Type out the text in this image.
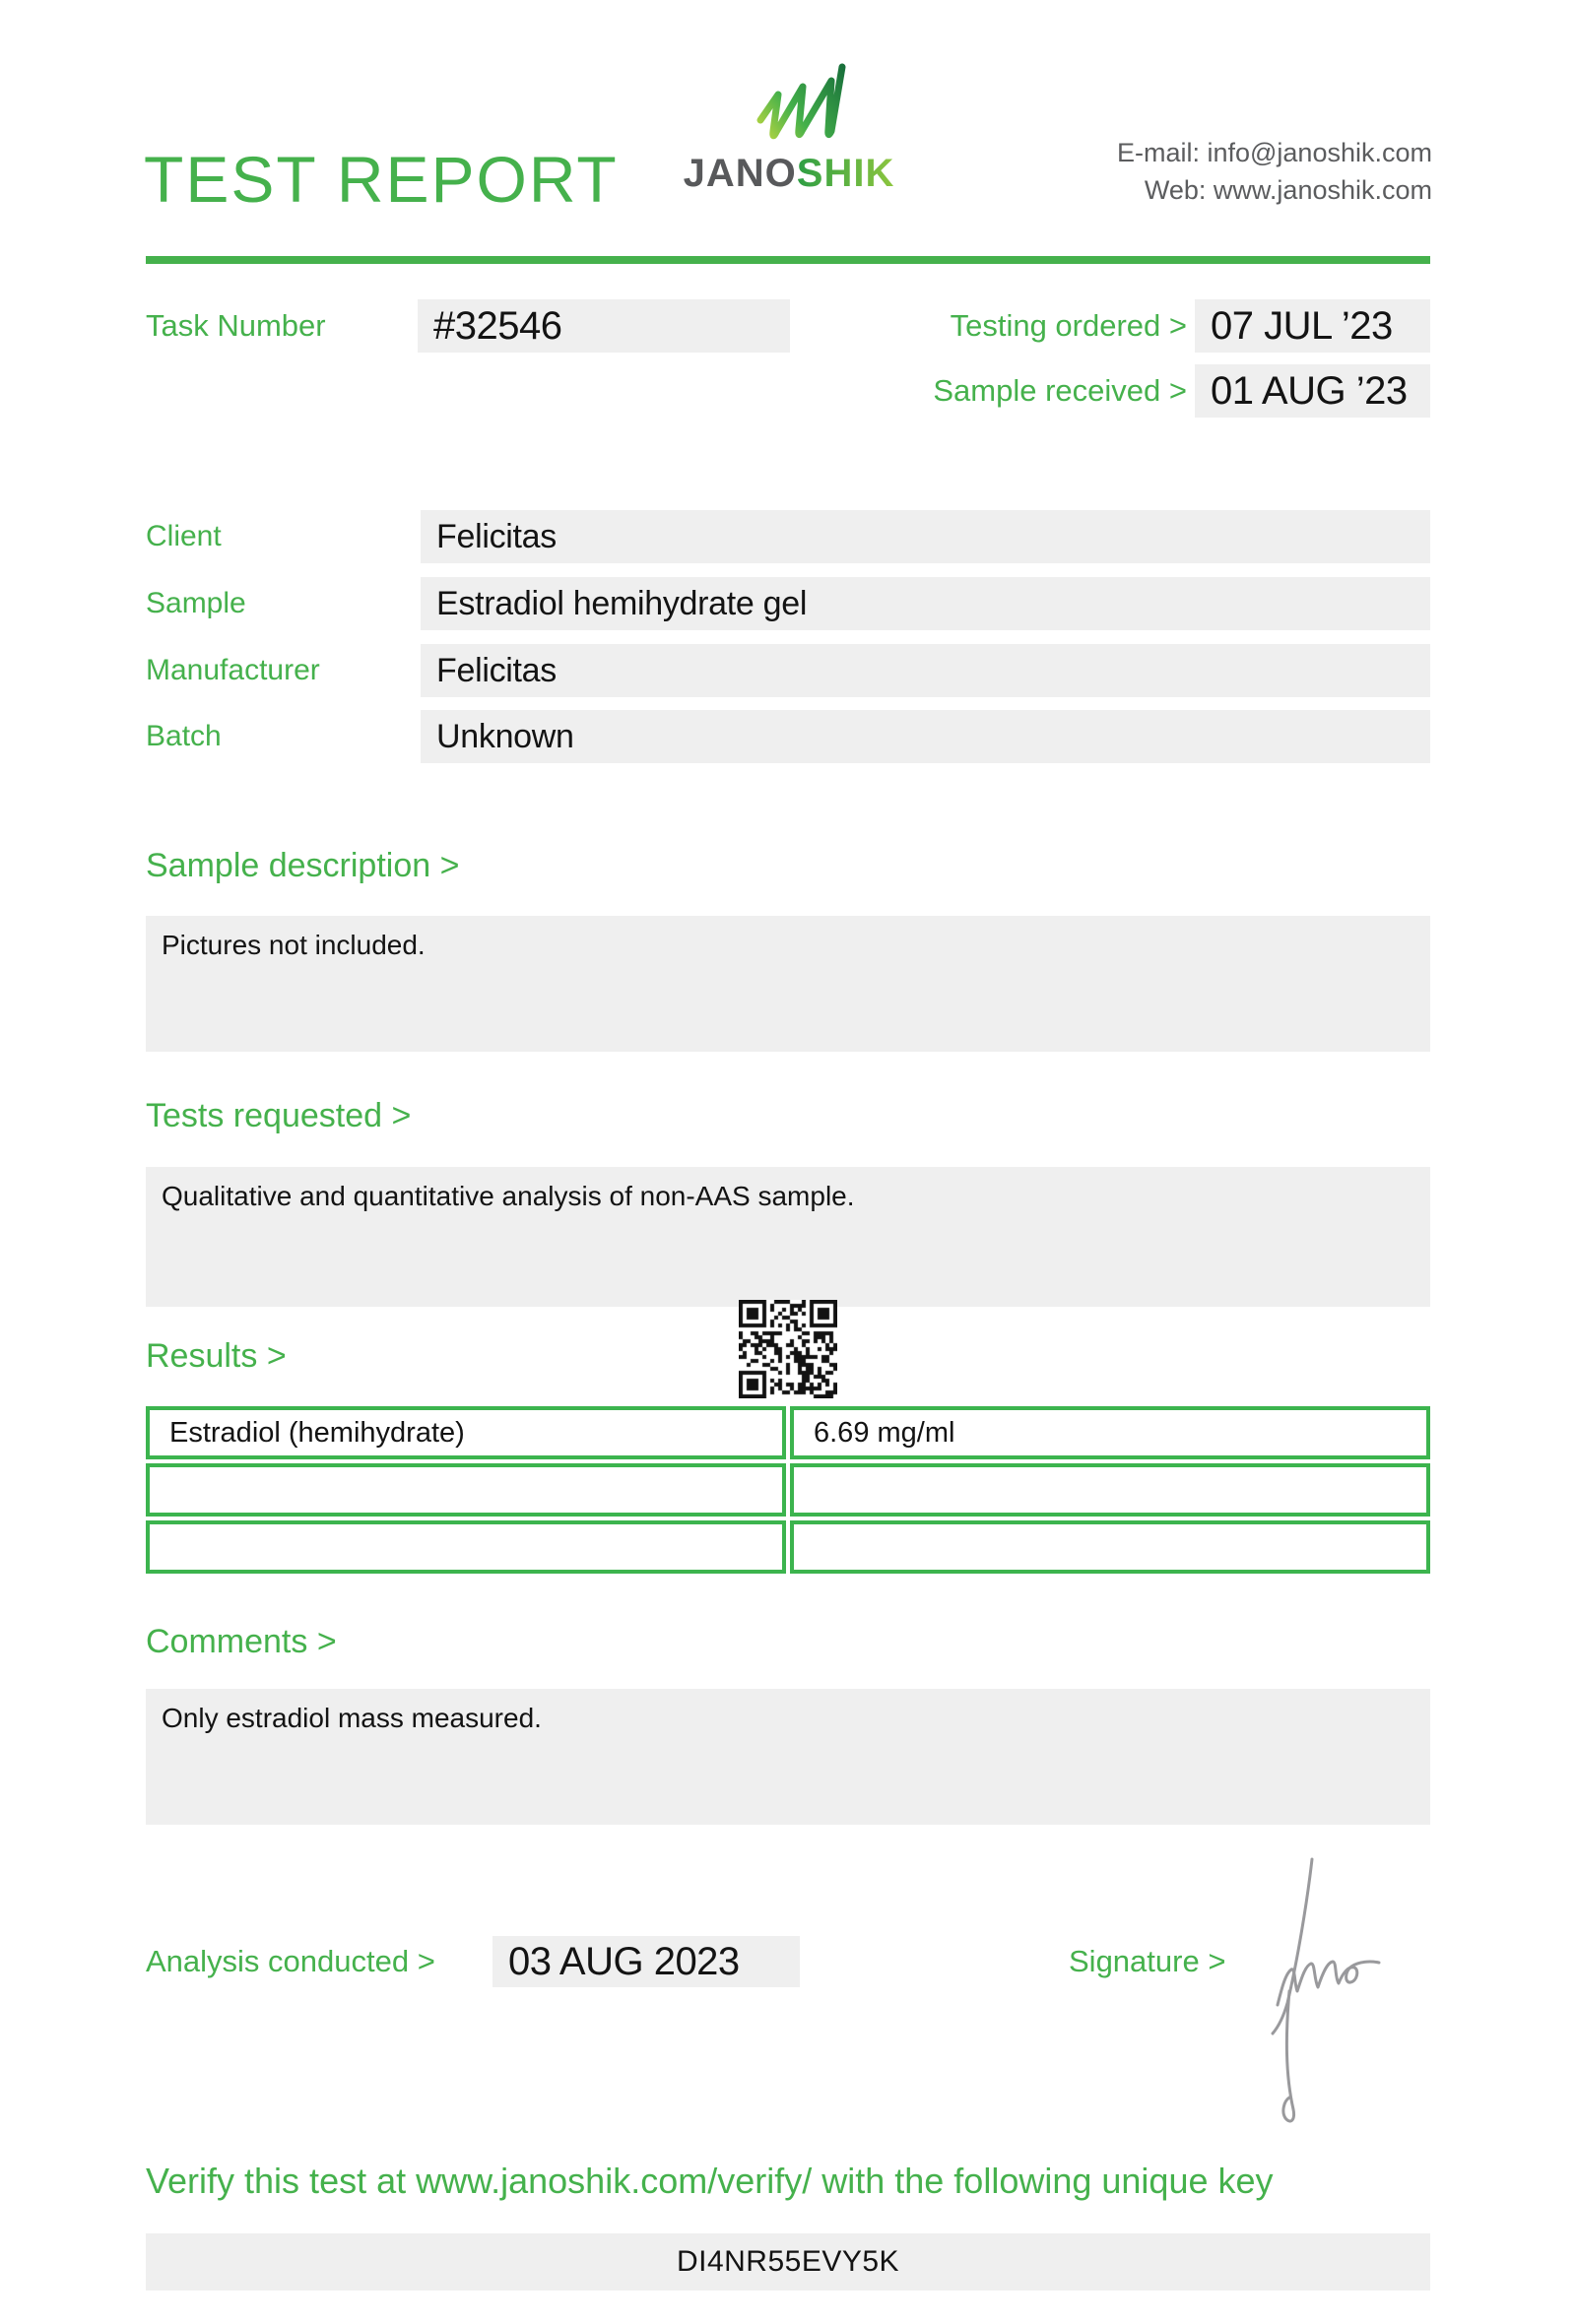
TEST REPORT	JANOSHIK	E-mail: info@janoshik.com
Web: www.janoshik.com
Task Number	#32546	Testing ordered > 07 JUL ’23
Sample received > 01 AUG ’23
Client	Felicitas
Sample	Estradiol hemihydrate gel
Manufacturer	Felicitas
Batch	Unknown
Sample description >
Pictures not included.
Tests requested >
Qualitative and quantitative analysis of non-AAS sample.
Results >
Estradiol (hemihydrate)	6.69 mg/ml
Comments >
Only estradiol mass measured.
Analysis conducted >	03 AUG 2023	Signature >
Verify this test at www.janoshik.com/verify/ with the following unique key
DI4NR55EVY5K
